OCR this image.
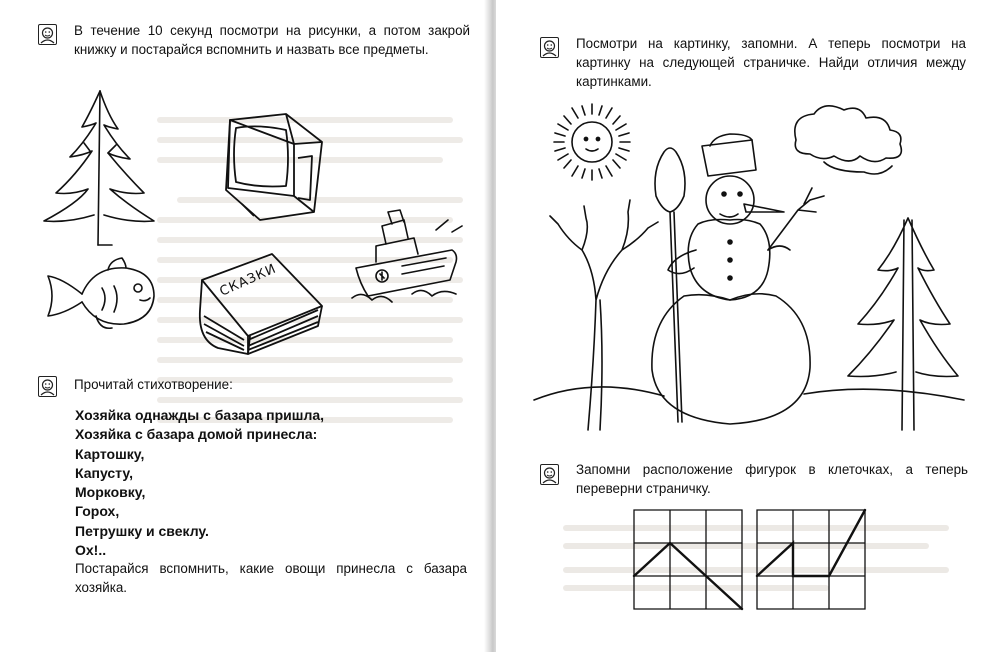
В течение 10 секунд посмотри на рисунки, а потом закрой книжку и постарайся вспомнить и назвать все предметы.
СКАЗКИ
Прочитай стихотворение:
Хозяйка однажды с базара пришла,
Хозяйка с базара домой принесла:
Картошку,
Капусту,
Морковку,
Горох,
Петрушку и свеклу.
Ох!..
Постарайся вспомнить, какие овощи принесла с базара хозяйка.
Посмотри на картинку, запомни. А теперь посмотри на картинку на следующей страничке. Найди отличия между картинками.
Запомни расположение фигурок в клеточках, а теперь переверни страничку.
